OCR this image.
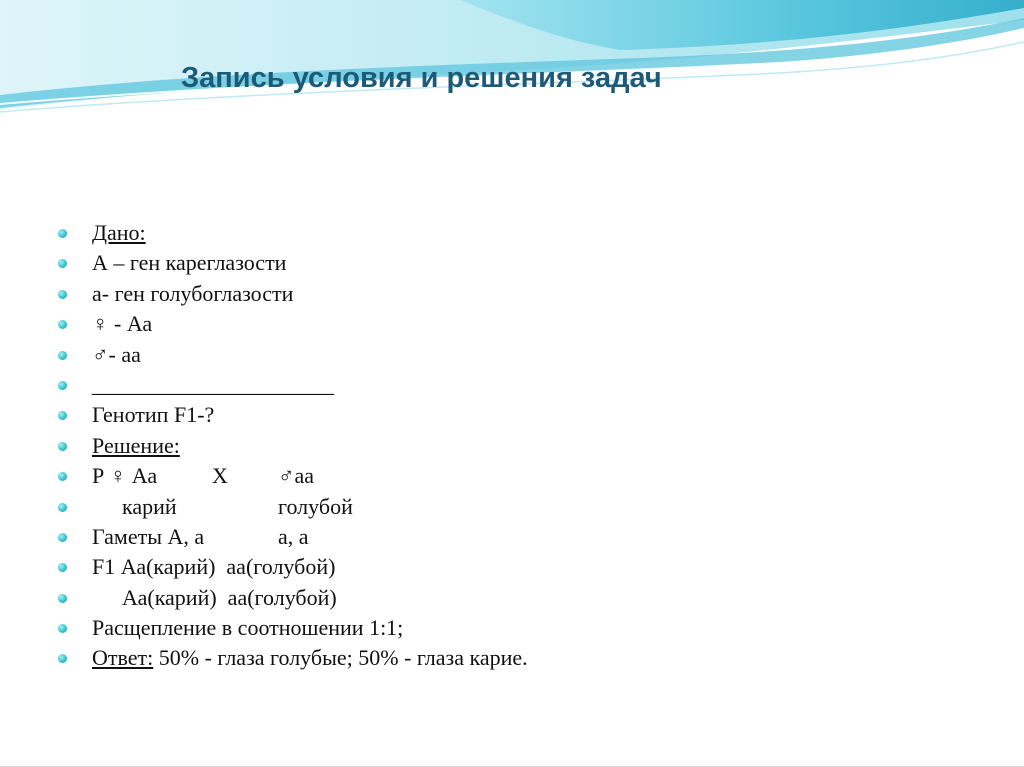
Запись условия и решения задач
Дано:
А – ген кареглазости
а- ген голубоглазости
♀ - Аа
♂- аа
______________________
Генотип F1-?
Решение:
Р ♀ Аа Х ♂аа
карий	голубой
Гаметы А, а	а, а
F1 Аа(карий)  аа(голубой)
Аа(карий)  аа(голубой)
Расщепление в соотношении 1:1;
Ответ: 50% - глаза голубые; 50% - глаза карие.
